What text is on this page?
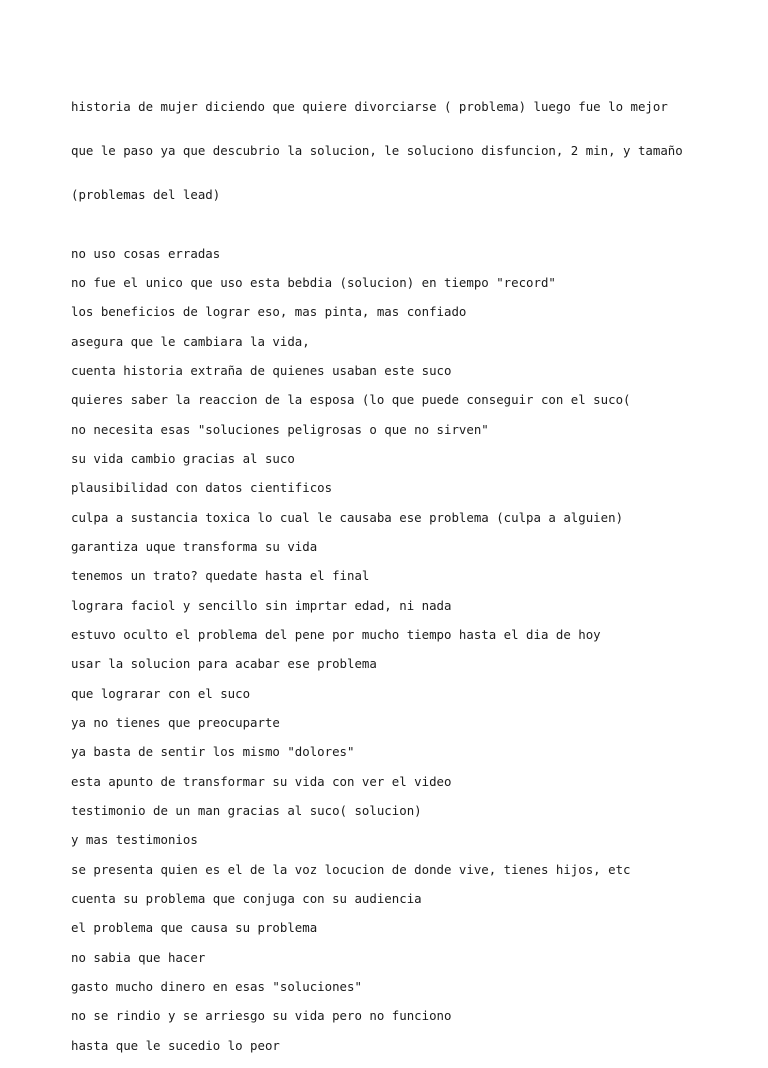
historia de mujer diciendo que quiere divorciarse ( problema) luego fue lo mejor

que le paso ya que descubrio la solucion, le soluciono disfuncion, 2 min, y tamaño

(problemas del lead)

no uso cosas erradas
no fue el unico que uso esta bebdia (solucion) en tiempo "record"
los beneficios de lograr eso, mas pinta, mas confiado
asegura que le cambiara la vida,
cuenta historia extraña de quienes usaban este suco
quieres saber la reaccion de la esposa (lo que puede conseguir con el suco(
no necesita esas "soluciones peligrosas o que no sirven"
su vida cambio gracias al suco
plausibilidad con datos cientificos
culpa a sustancia toxica lo cual le causaba ese problema (culpa a alguien)
garantiza uque transforma su vida
tenemos un trato? quedate hasta el final
lograra faciol y sencillo sin imprtar edad, ni nada
estuvo oculto el problema del pene por mucho tiempo hasta el dia de hoy
usar la solucion para acabar ese problema
que lograrar con el suco
ya no tienes que preocuparte
ya basta de sentir los mismo "dolores"
esta apunto de transformar su vida con ver el video
testimonio de un man gracias al suco( solucion)
y mas testimonios
se presenta quien es el de la voz locucion de donde vive, tienes hijos, etc
cuenta su problema que conjuga con su audiencia
el problema que causa su problema
no sabia que hacer
gasto mucho dinero en esas "soluciones"
no se rindio y se arriesgo su vida pero no funciono
hasta que le sucedio lo peor
